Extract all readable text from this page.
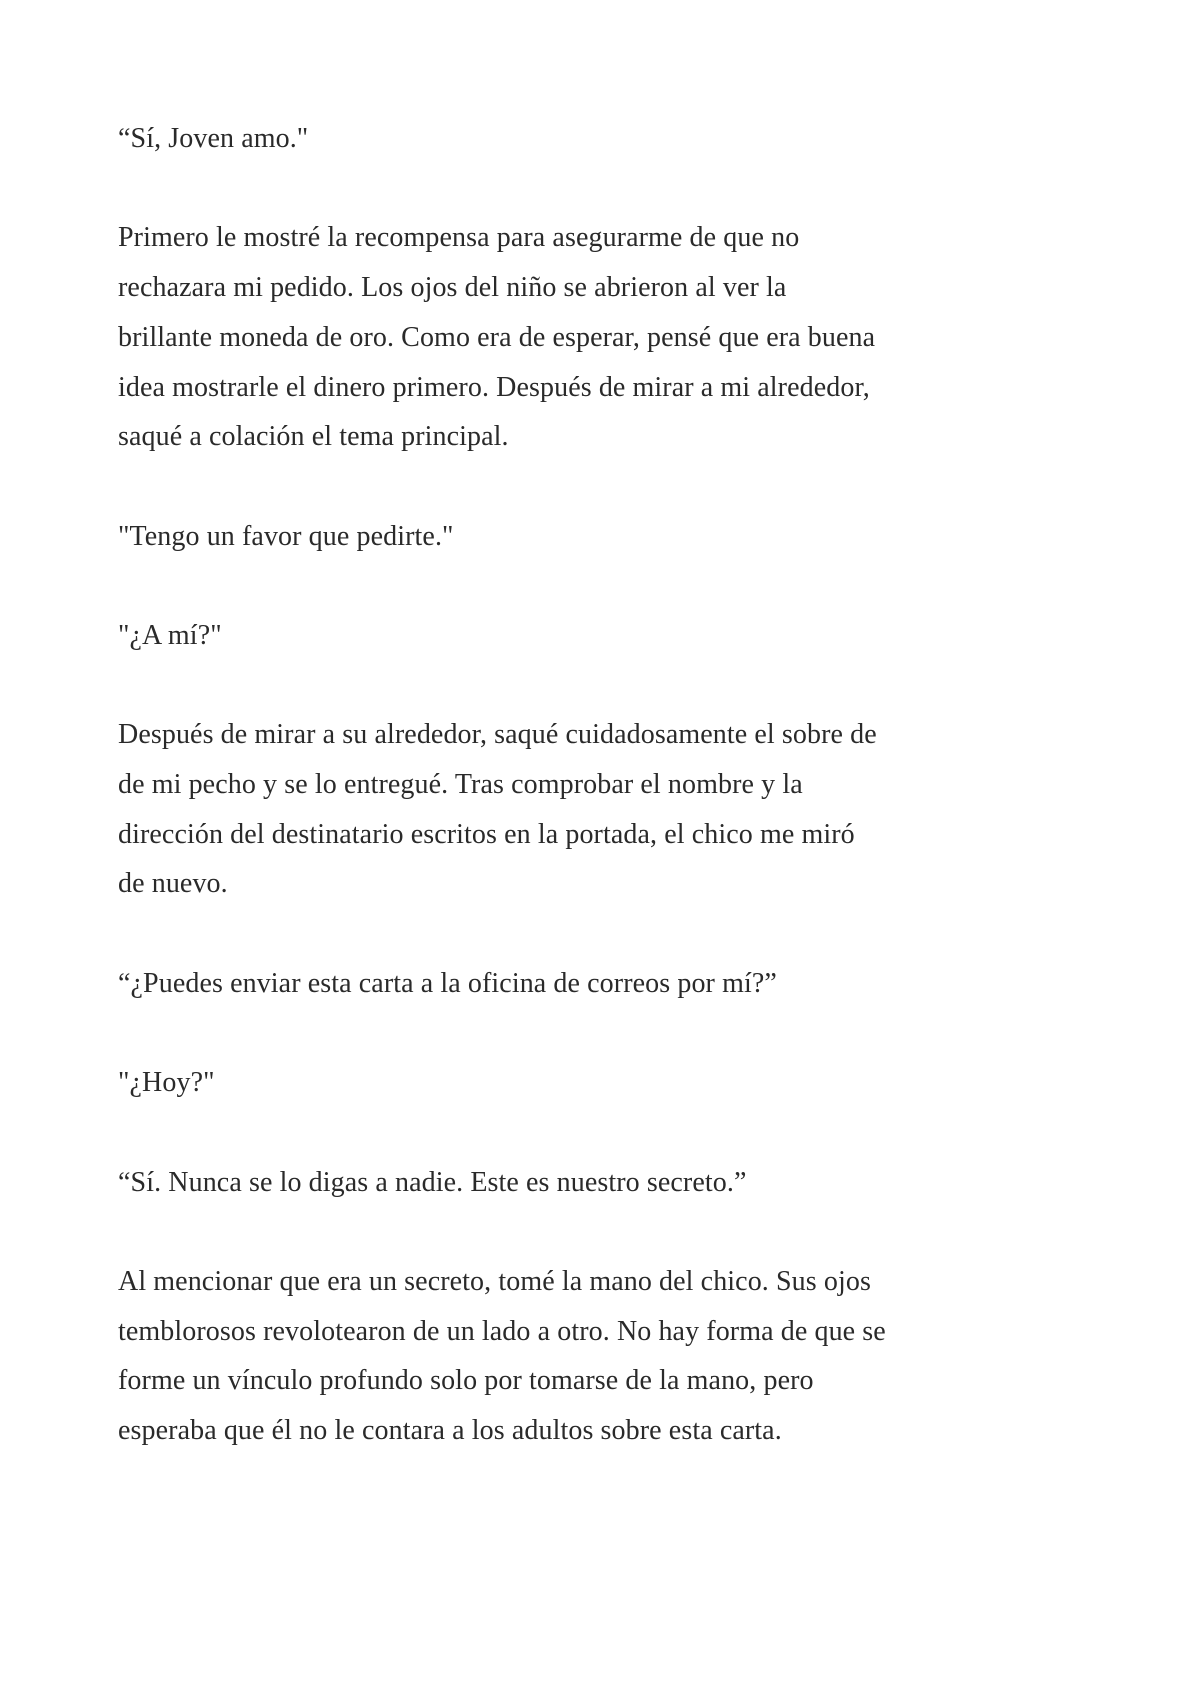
“Sí, Joven amo."

Primero le mostré la recompensa para asegurarme de que no
rechazara mi pedido. Los ojos del niño se abrieron al ver la
brillante moneda de oro. Como era de esperar, pensé que era buena
idea mostrarle el dinero primero. Después de mirar a mi alrededor,
saqué a colación el tema principal.

"Tengo un favor que pedirte."

"¿A mí?"

Después de mirar a su alrededor, saqué cuidadosamente el sobre de
de mi pecho y se lo entregué. Tras comprobar el nombre y la
dirección del destinatario escritos en la portada, el chico me miró
de nuevo.

“¿Puedes enviar esta carta a la oficina de correos por mí?”

"¿Hoy?"

“Sí. Nunca se lo digas a nadie. Este es nuestro secreto.”

Al mencionar que era un secreto, tomé la mano del chico. Sus ojos
temblorosos revolotearon de un lado a otro. No hay forma de que se
forme un vínculo profundo solo por tomarse de la mano, pero
esperaba que él no le contara a los adultos sobre esta carta.
